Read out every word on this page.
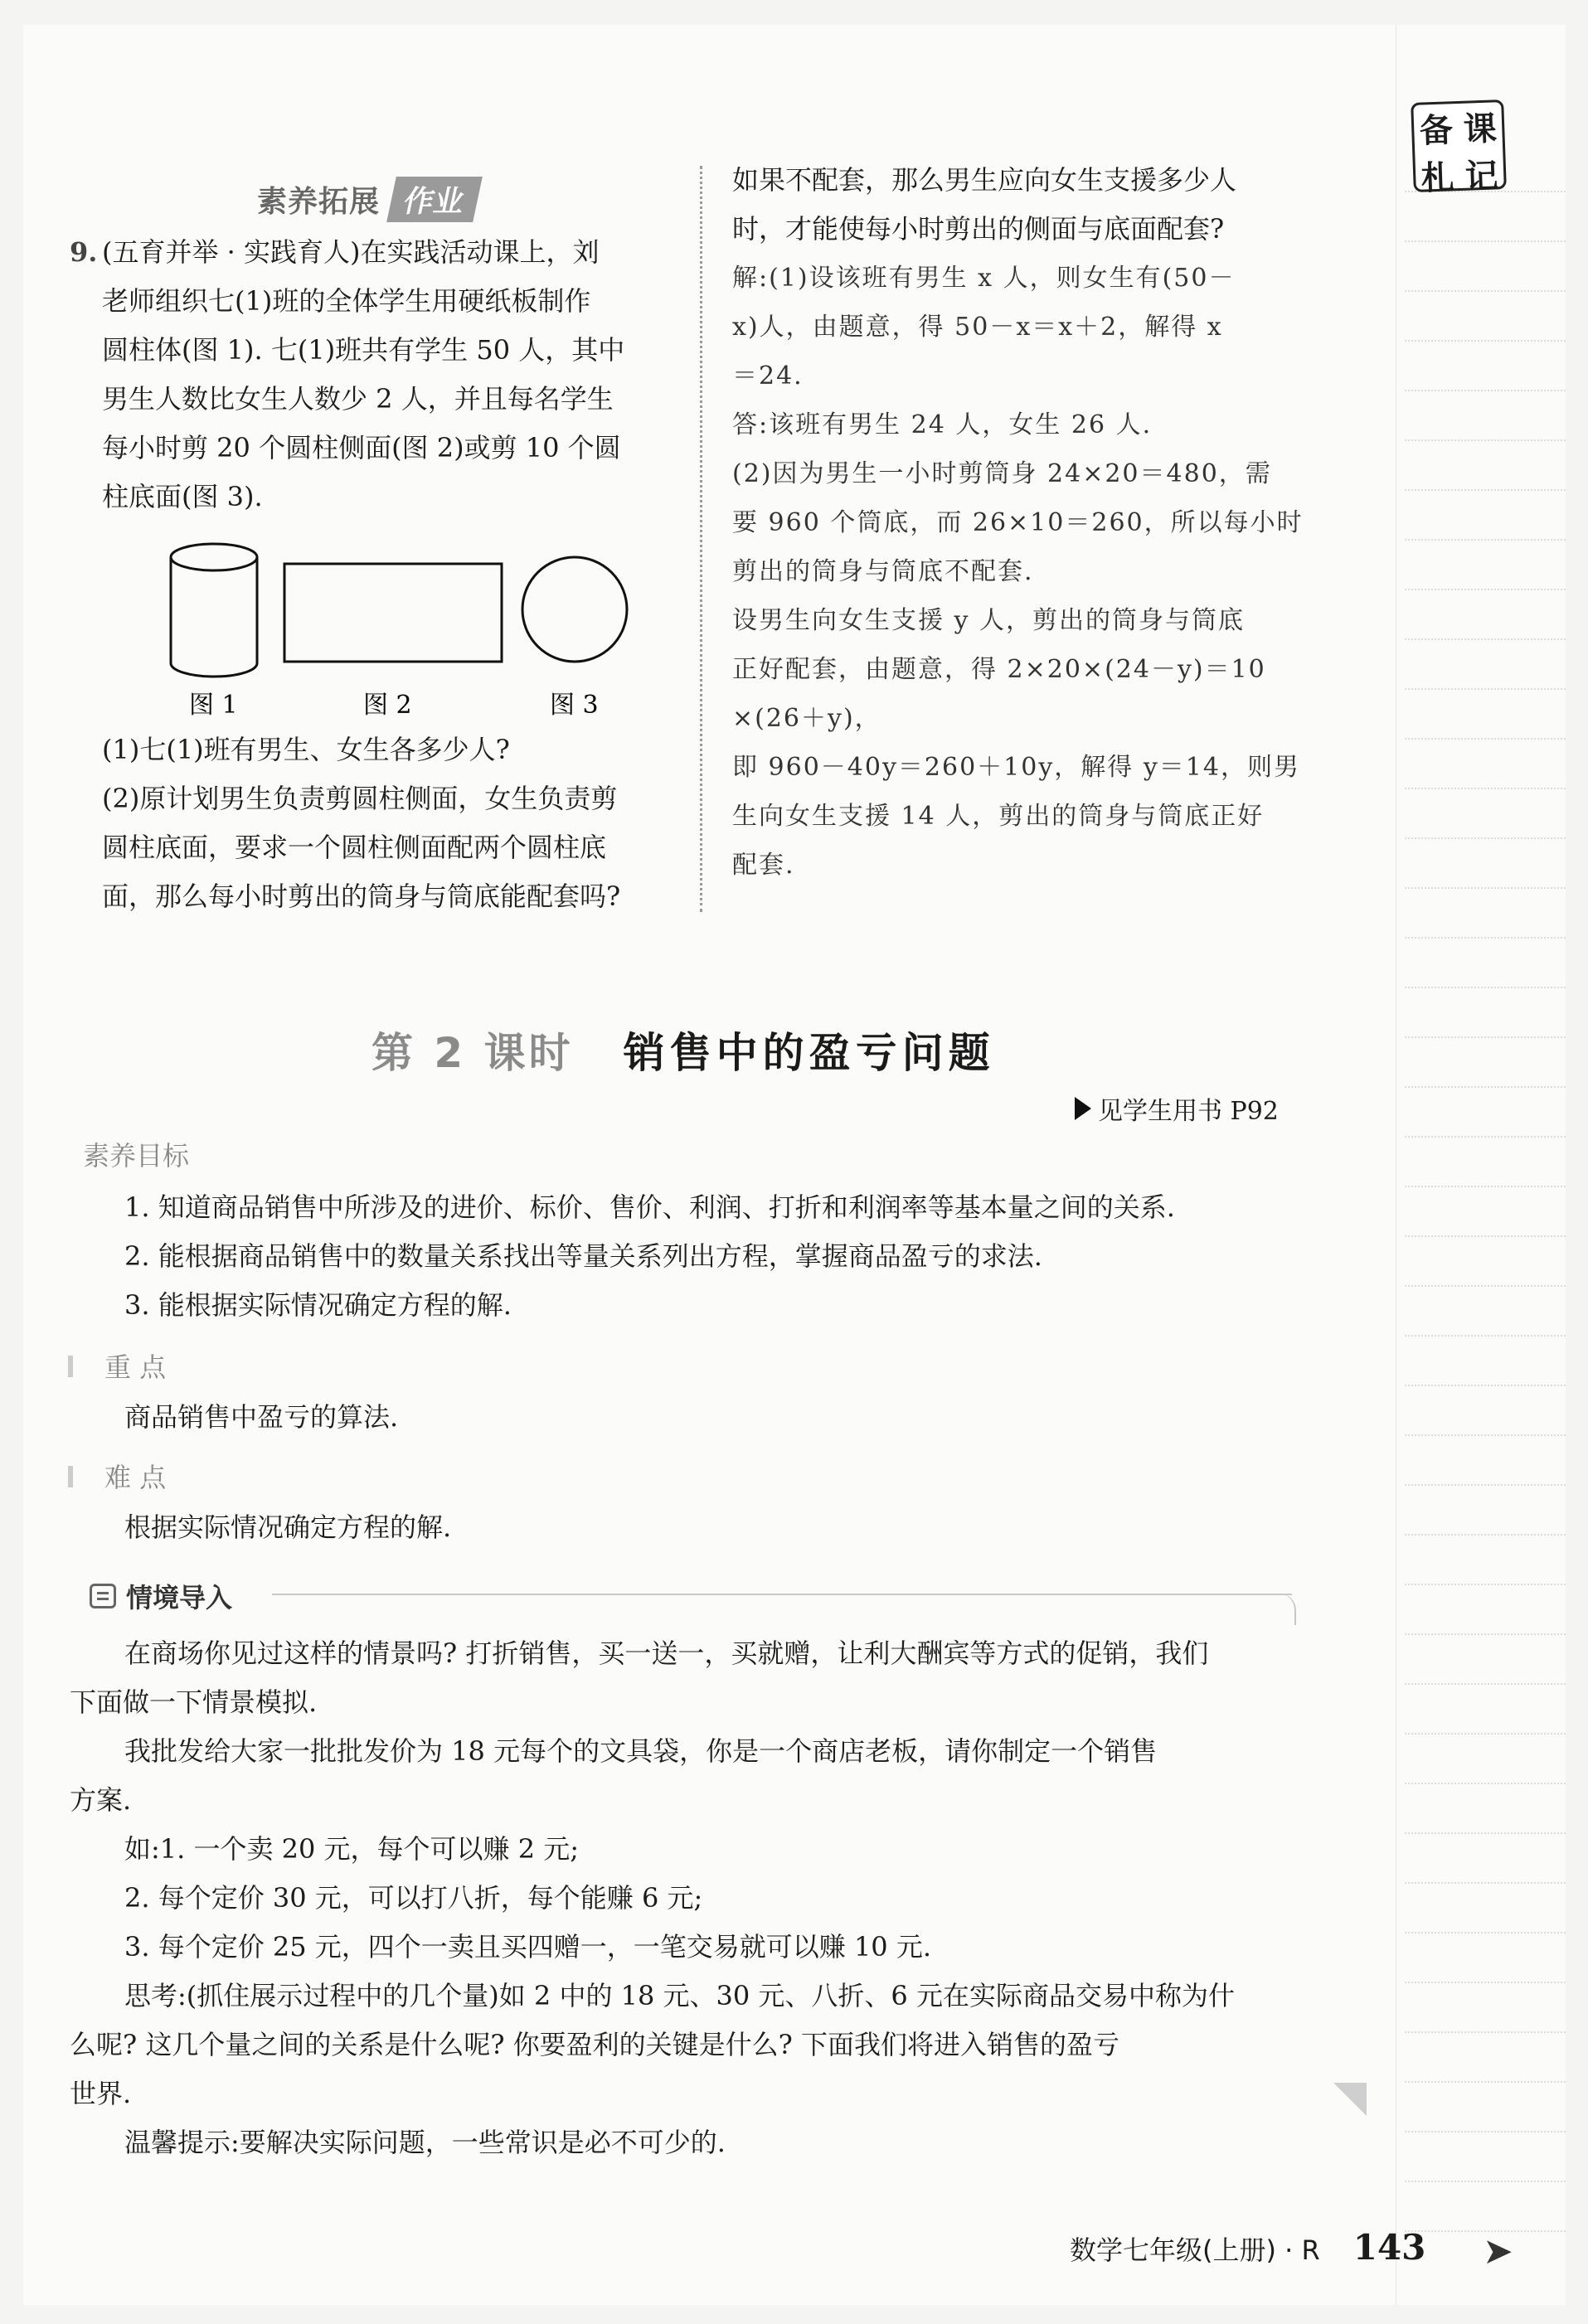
备 课
札 记
素养拓展 作业
9. (五育并举 · 实践育人)在实践活动课上，刘
老师组织七(1)班的全体学生用硬纸板制作
圆柱体(图 1). 七(1)班共有学生 50 人，其中
男生人数比女生人数少 2 人，并且每名学生
每小时剪 20 个圆柱侧面(图 2)或剪 10 个圆
柱底面(图 3).
图 1	图 2	图 3
(1)七(1)班有男生、女生各多少人?
(2)原计划男生负责剪圆柱侧面，女生负责剪
圆柱底面，要求一个圆柱侧面配两个圆柱底
面，那么每小时剪出的筒身与筒底能配套吗?
如果不配套，那么男生应向女生支援多少人
时，才能使每小时剪出的侧面与底面配套?
解:(1)设该班有男生 x 人，则女生有(50－
x)人，由题意，得 50－x＝x＋2，解得 x
＝24.
答:该班有男生 24 人，女生 26 人.
(2)因为男生一小时剪筒身 24×20＝480，需
要 960 个筒底，而 26×10＝260，所以每小时
剪出的筒身与筒底不配套.
设男生向女生支援 y 人，剪出的筒身与筒底
正好配套，由题意，得 2×20×(24－y)＝10
×(26＋y)，
即 960－40y＝260＋10y，解得 y＝14，则男
生向女生支援 14 人，剪出的筒身与筒底正好
配套.
第 2 课时 销售中的盈亏问题
见学生用书 P92
素养目标
1. 知道商品销售中所涉及的进价、标价、售价、利润、打折和利润率等基本量之间的关系.
2. 能根据商品销售中的数量关系找出等量关系列出方程，掌握商品盈亏的求法.
3. 能根据实际情况确定方程的解.
重 点
商品销售中盈亏的算法.
难 点
根据实际情况确定方程的解.
情境导入
在商场你见过这样的情景吗? 打折销售，买一送一，买就赠，让利大酬宾等方式的促销，我们
下面做一下情景模拟.
我批发给大家一批批发价为 18 元每个的文具袋，你是一个商店老板，请你制定一个销售
方案.
如:1. 一个卖 20 元，每个可以赚 2 元;
2. 每个定价 30 元，可以打八折，每个能赚 6 元;
3. 每个定价 25 元，四个一卖且买四赠一，一笔交易就可以赚 10 元.
思考:(抓住展示过程中的几个量)如 2 中的 18 元、30 元、八折、6 元在实际商品交易中称为什
么呢? 这几个量之间的关系是什么呢? 你要盈利的关键是什么? 下面我们将进入销售的盈亏
世界.
温馨提示:要解决实际问题，一些常识是必不可少的.
数学七年级(上册) · R 143 ➤
